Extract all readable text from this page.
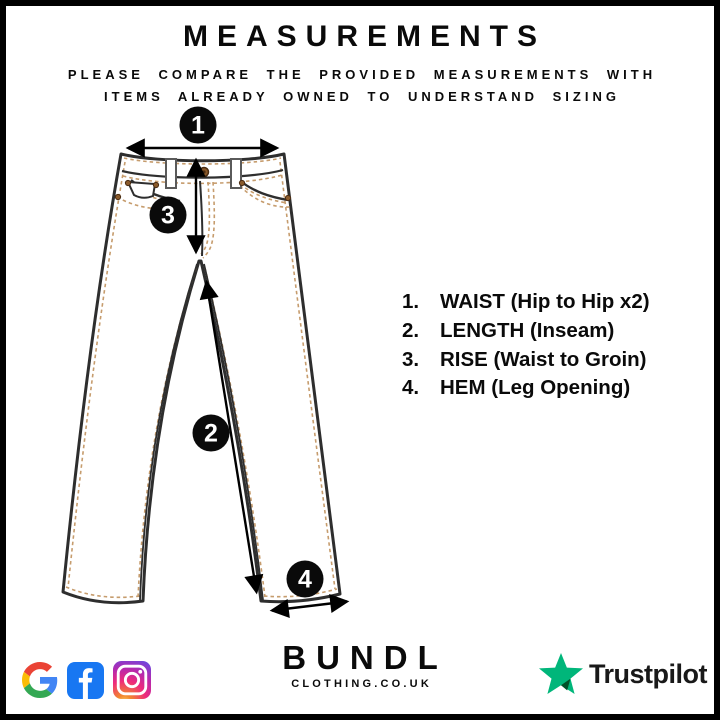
MEASUREMENTS
PLEASE COMPARE THE PROVIDED MEASUREMENTS WITH
ITEMS ALREADY OWNED TO UNDERSTAND SIZING
1
3
2
4
1.	WAIST (Hip to Hip x2)
2.	LENGTH (Inseam)
3.	RISE (Waist to Groin)
4.	HEM (Leg Opening)
BUNDL
CLOTHING.CO.UK	Trustpilot
